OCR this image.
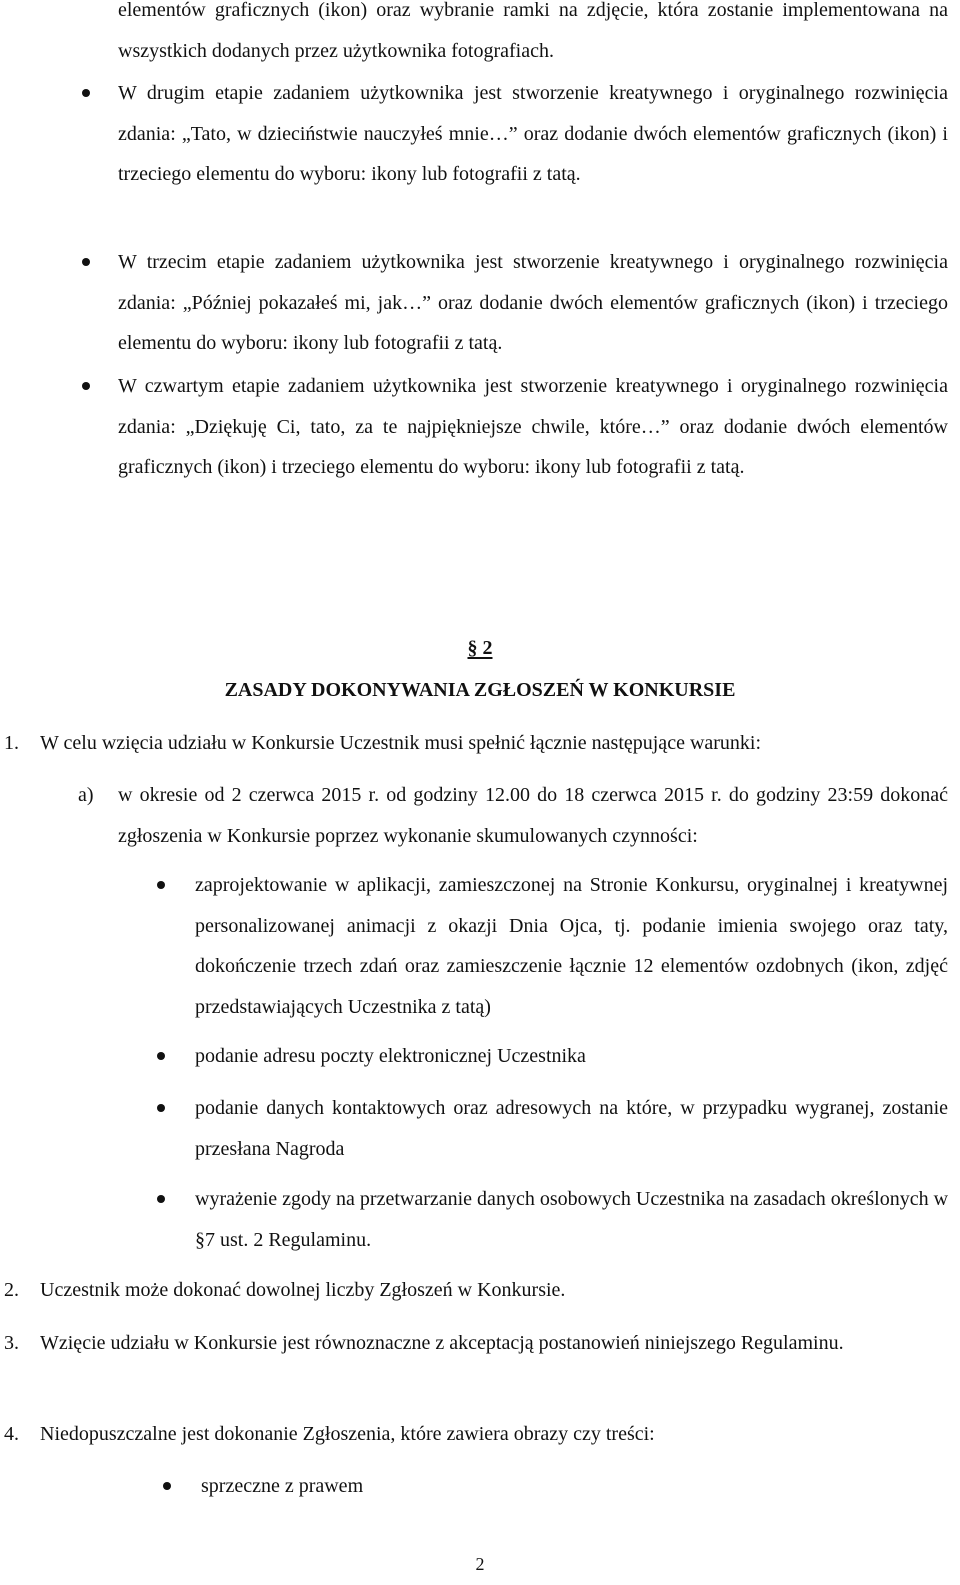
elementów graficznych (ikon) oraz wybranie ramki na zdjęcie, która zostanie implementowana na wszystkich dodanych przez użytkownika fotografiach.

W drugim etapie zadaniem użytkownika jest stworzenie kreatywnego i oryginalnego rozwinięcia zdania: „Tato, w dzieciństwie nauczyłeś mnie…” oraz dodanie dwóch elementów graficznych (ikon) i trzeciego elementu do wyboru: ikony lub fotografii z tatą.

W trzecim etapie zadaniem użytkownika jest stworzenie kreatywnego i oryginalnego rozwinięcia zdania: „Później pokazałeś mi, jak…” oraz dodanie dwóch elementów graficznych (ikon) i trzeciego elementu do wyboru: ikony lub fotografii z tatą.

W czwartym etapie zadaniem użytkownika jest stworzenie kreatywnego i oryginalnego rozwinięcia zdania: „Dziękuję Ci, tato, za te najpiękniejsze chwile, które…” oraz dodanie dwóch elementów graficznych (ikon) i trzeciego elementu do wyboru: ikony lub fotografii z tatą.

§ 2

ZASADY DOKONYWANIA ZGŁOSZEŃ W KONKURSIE

1. W celu wzięcia udziału w Konkursie Uczestnik musi spełnić łącznie następujące warunki:

a) w okresie od 2 czerwca 2015 r. od godziny 12.00 do 18 czerwca 2015 r. do godziny 23:59 dokonać zgłoszenia w Konkursie poprzez wykonanie skumulowanych czynności:

zaprojektowanie w aplikacji, zamieszczonej na Stronie Konkursu, oryginalnej i kreatywnej personalizowanej animacji z okazji Dnia Ojca, tj. podanie imienia swojego oraz taty, dokończenie trzech zdań oraz zamieszczenie łącznie 12 elementów ozdobnych (ikon, zdjęć przedstawiających Uczestnika z tatą)

podanie adresu poczty elektronicznej Uczestnika

podanie danych kontaktowych oraz adresowych na które, w przypadku wygranej, zostanie przesłana Nagroda

wyrażenie zgody na przetwarzanie danych osobowych Uczestnika na zasadach określonych w §7 ust. 2 Regulaminu.

2. Uczestnik może dokonać dowolnej liczby Zgłoszeń w Konkursie.

3. Wzięcie udziału w Konkursie jest równoznaczne z akceptacją postanowień niniejszego Regulaminu.

4. Niedopuszczalne jest dokonanie Zgłoszenia, które zawiera obrazy czy treści:

sprzeczne z prawem

2
